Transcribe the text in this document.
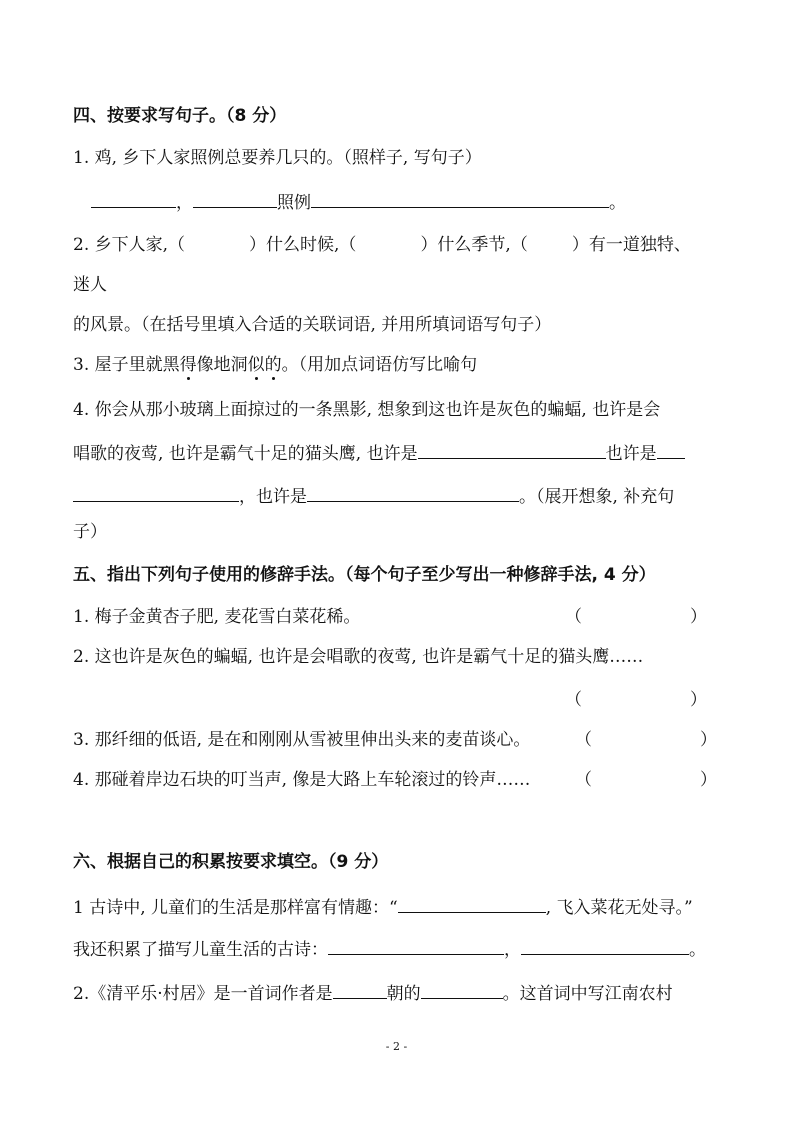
四、按要求写句子。（8 分）
1. 鸡, 乡下人家照例总要养几只的。（照样子, 写句子）
，	照例	。
2. 乡下人家,（	）什么时候,（	）什么季节,（	）有一道独特、
迷人
的风景。（在括号里填入合适的关联词语, 并用所填词语写句子）
3. 屋子里就黑得像地洞似的。（用加点词语仿写比喻句
4. 你会从那小玻璃上面掠过的一条黑影, 想象到这也许是灰色的蝙蝠, 也许是会
唱歌的夜莺, 也许是霸气十足的猫头鹰, 也许是	也许是
，也许是	。（展开想象, 补充句
子）
五、指出下列句子使用的修辞手法。（每个句子至少写出一种修辞手法, 4 分）
1. 梅子金黄杏子肥, 麦花雪白菜花稀。	（	）
2. 这也许是灰色的蝙蝠, 也许是会唱歌的夜莺, 也许是霸气十足的猫头鹰……
（	）
3. 那纤细的低语, 是在和刚刚从雪被里伸出头来的麦苗谈心。	（	）
4. 那碰着岸边石块的叮当声, 像是大路上车轮滚过的铃声……	（	）
六、根据自己的积累按要求填空。（9 分）
1 古诗中, 儿童们的生活是那样富有情趣：“	, 飞入菜花无处寻。”
我还积累了描写儿童生活的古诗：	，	。
2.《清平乐·村居》是一首词作者是	朝的	。这首词中写江南农村
- 2 -
